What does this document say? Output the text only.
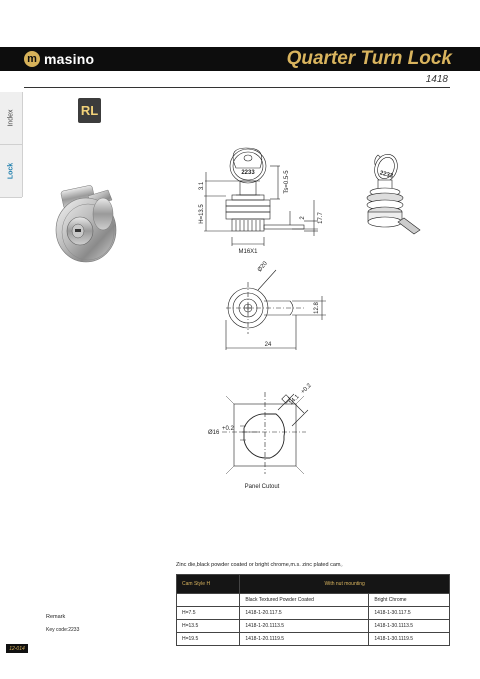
m masino	Quarter Turn Lock
1418
Index
Lock
RL
2233
3.1
H=13.5
Ts=0.5-5
2 17.7
M16X1
2233
Ø20
12.8
24
14.1
+0.2
Ø16
+0.2
Panel Cutout
Zinc die,black powder coated or bright chrome,m.s. zinc plated cam。
Cam Style H	With nut mounting	
	Black Textured Powder Coated	Bright Chrome
H=7.5	1418-1-20.117.5	1418-1-30.117.5
H=13.5	1418-1-20.1113.5	1418-1-30.1113.5
H=19.5	1418-1-20.1119.5	1418-1-30.1119.5
Remark
Key code:2233
12-014
